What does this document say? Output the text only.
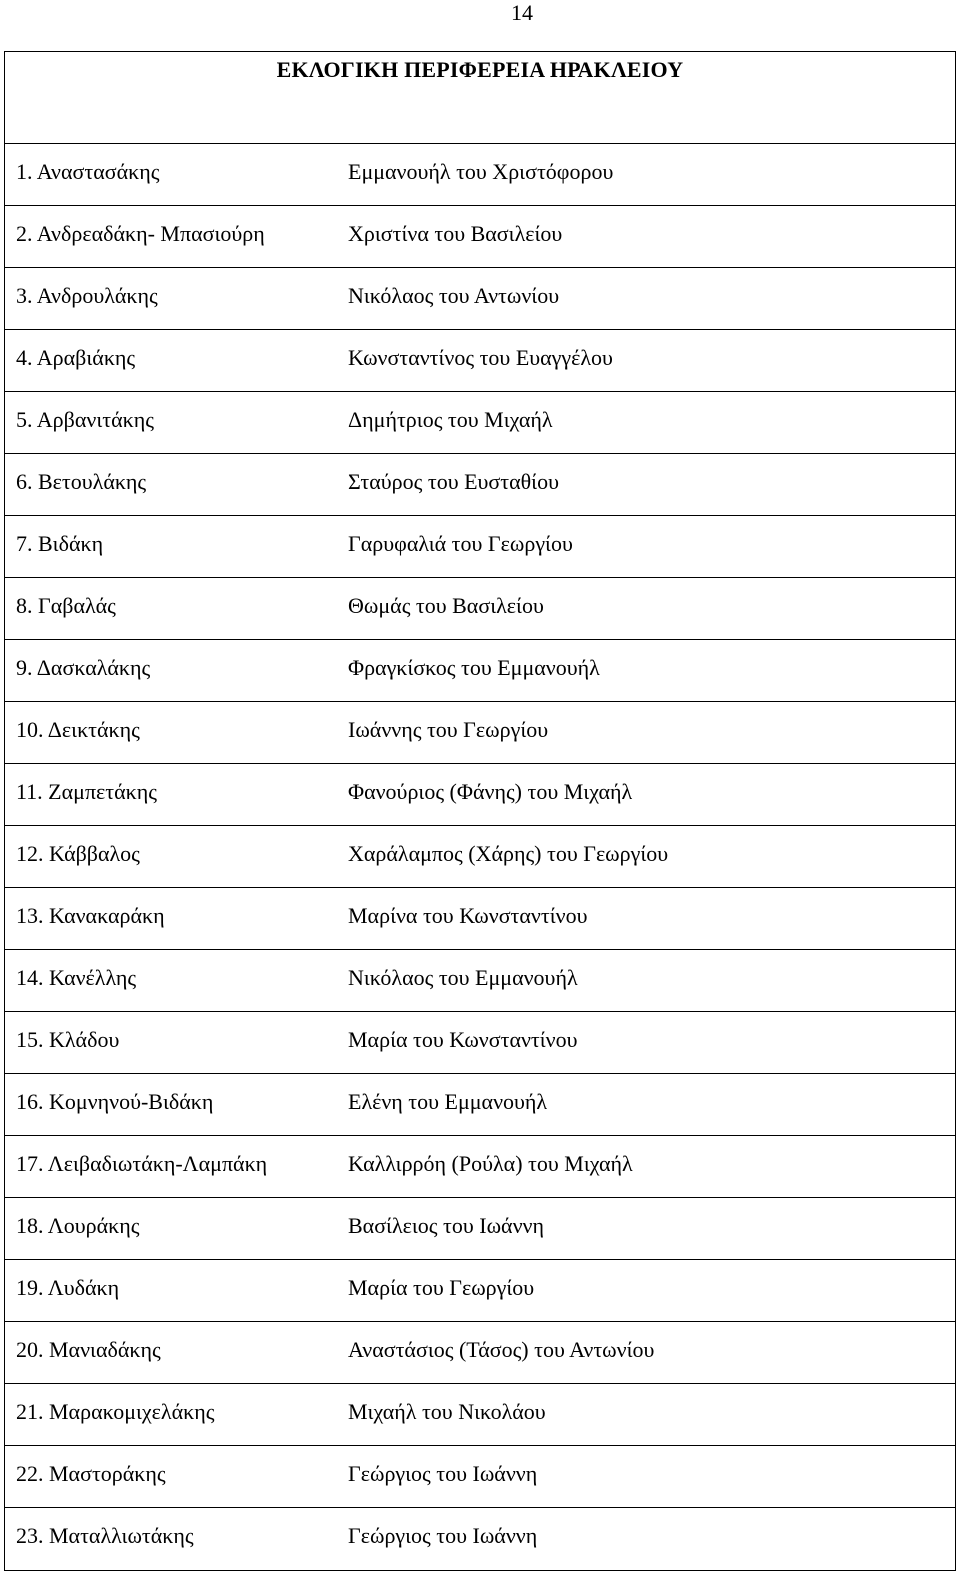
14
ΕΚΛΟΓΙΚΗ ΠΕΡΙΦΕΡΕΙΑ ΗΡΑΚΛΕΙΟΥ
1. Αναστασάκης	Εμμανουήλ του Χριστόφορου
2. Ανδρεαδάκη- Μπασιούρη	Χριστίνα του Βασιλείου
3. Ανδρουλάκης	Νικόλαος του Αντωνίου
4. Αραβιάκης	Κωνσταντίνος του Ευαγγέλου
5. Αρβανιτάκης	Δημήτριος του Μιχαήλ
6. Βετουλάκης	Σταύρος του Ευσταθίου
7. Βιδάκη	Γαρυφαλιά του Γεωργίου
8. Γαβαλάς	Θωμάς του Βασιλείου
9. Δασκαλάκης	Φραγκίσκος του Εμμανουήλ
10. Δεικτάκης	Ιωάννης του Γεωργίου
11. Ζαμπετάκης	Φανούριος (Φάνης) του Μιχαήλ
12. Κάββαλος	Χαράλαμπος (Χάρης) του Γεωργίου
13. Κανακαράκη	Μαρίνα του Κωνσταντίνου
14. Κανέλλης	Νικόλαος του Εμμανουήλ
15. Κλάδου	Μαρία του Κωνσταντίνου
16. Κομνηνού-Βιδάκη	Ελένη του Εμμανουήλ
17. Λειβαδιωτάκη-Λαμπάκη	Καλλιρρόη (Ρούλα) του Μιχαήλ
18. Λουράκης	Βασίλειος του Ιωάννη
19. Λυδάκη	Μαρία του Γεωργίου
20. Μανιαδάκης	Αναστάσιος (Τάσος) του Αντωνίου
21. Μαρακομιχελάκης	Μιχαήλ του Νικολάου
22. Μαστοράκης	Γεώργιος του Ιωάννη
23. Ματαλλιωτάκης	Γεώργιος του Ιωάννη
